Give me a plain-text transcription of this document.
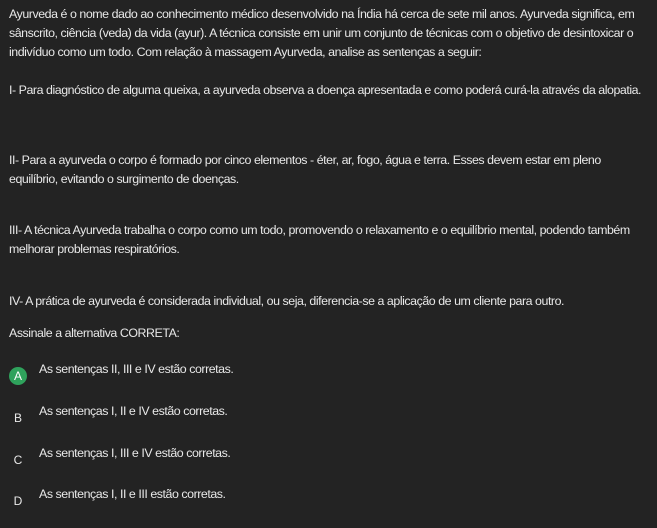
Ayurveda é o nome dado ao conhecimento médico desenvolvido na Índia há cerca de sete mil anos. Ayurveda significa, em sânscrito, ciência (veda) da vida (ayur). A técnica consiste em unir um conjunto de técnicas com o objetivo de desintoxicar o indivíduo como um todo. Com relação à massagem Ayurveda, analise as sentenças a seguir:

I- Para diagnóstico de alguma queixa, a ayurveda observa a doença apresentada e como poderá curá-la através da alopatia.

II- Para a ayurveda o corpo é formado por cinco elementos - éter, ar, fogo, água e terra. Esses devem estar em pleno equilíbrio, evitando o surgimento de doenças.

III- A técnica Ayurveda trabalha o corpo como um todo, promovendo o relaxamento e o equilíbrio mental, podendo também melhorar problemas respiratórios.

IV- A prática de ayurveda é considerada individual, ou seja, diferencia-se a aplicação de um cliente para outro.

Assinale a alternativa CORRETA:

A	As sentenças II, III e IV estão corretas.
B	As sentenças I, II e IV estão corretas.
C	As sentenças I, III e IV estão corretas.
D	As sentenças I, II e III estão corretas.
